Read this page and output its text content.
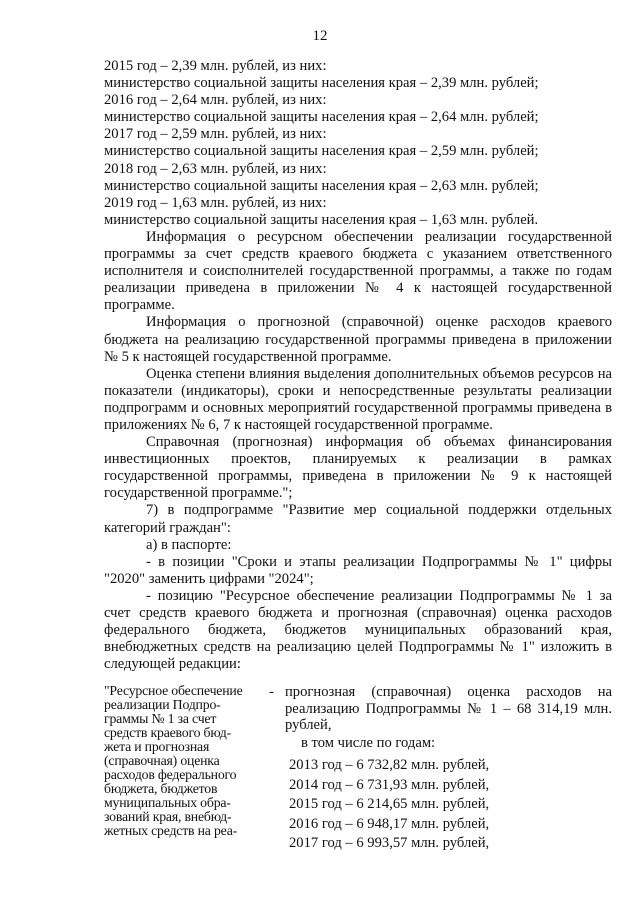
12

2015 год – 2,39 млн. рублей, из них:

министерство социальной защиты населения края – 2,39 млн. рублей;

2016 год – 2,64 млн. рублей, из них:

министерство социальной защиты населения края – 2,64 млн. рублей;

2017 год – 2,59 млн. рублей, из них:

министерство социальной защиты населения края – 2,59 млн. рублей;

2018 год – 2,63 млн. рублей, из них:

министерство социальной защиты населения края – 2,63 млн. рублей;

2019 год – 1,63 млн. рублей, из них:

министерство социальной защиты населения края – 1,63 млн. рублей.

Информация о ресурсном обеспечении реализации государственной программы за счет средств краевого бюджета с указанием ответственного исполнителя и соисполнителей государственной программы, а также по годам реализации приведена в приложении № 4 к настоящей государственной программе.

Информация о прогнозной (справочной) оценке расходов краевого бюджета на реализацию государственной программы приведена в приложении № 5 к настоящей государственной программе.

Оценка степени влияния выделения дополнительных объемов ресурсов на показатели (индикаторы), сроки и непосредственные результаты реализации подпрограмм и основных мероприятий государственной программы приведена в приложениях № 6, 7 к настоящей государственной программе.

Справочная (прогнозная) информация об объемах финансирования инвестиционных проектов, планируемых к реализации в рамках государственной программы, приведена в приложении № 9 к настоящей государственной программе.";

7) в подпрограмме "Развитие мер социальной поддержки отдельных категорий граждан":

а) в паспорте:

- в позиции "Сроки и этапы реализации Подпрограммы № 1" цифры "2020" заменить цифрами "2024";

- позицию "Ресурсное обеспечение реализации Подпрограммы № 1 за счет средств краевого бюджета и прогнозная (справочная) оценка расходов федерального бюджета, бюджетов муниципальных образований края, внебюджетных средств на реализацию целей Подпрограммы № 1" изложить в следующей редакции:

"Ресурсное обеспечение
реализации Подпро-
граммы № 1 за счет
средств краевого бюд-
жета и прогнозная
(справочная) оценка
расходов федерального
бюджета, бюджетов
муниципальных обра-
зований края, внебюд-
жетных средств на реа-
- прогнозная (справочная) оценка расходов на реализацию Подпрограммы № 1 – 68 314,19 млн. рублей,

в том числе по годам:

2013 год – 6 732,82 млн. рублей,
2014 год – 6 731,93 млн. рублей,
2015 год – 6 214,65 млн. рублей,
2016 год – 6 948,17 млн. рублей,
2017 год – 6 993,57 млн. рублей,
